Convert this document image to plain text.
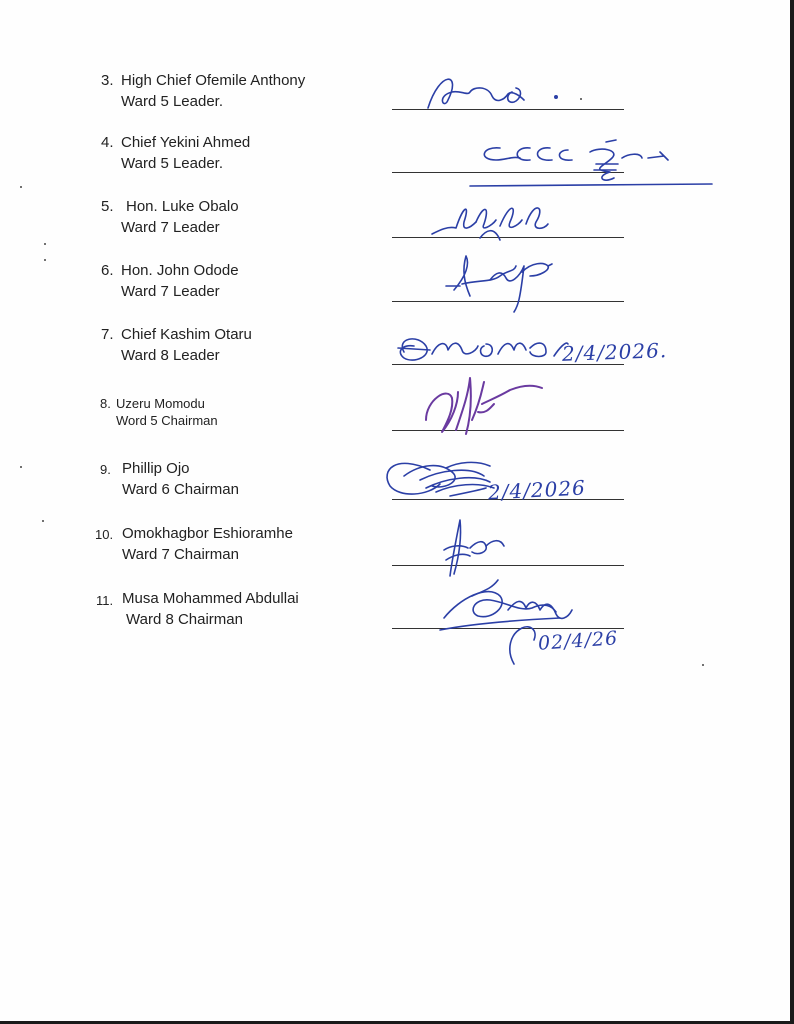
3. High Chief Ofemile Anthony
Ward 5 Leader.
4. Chief Yekini Ahmed
Ward 5 Leader.
5. Hon. Luke Obalo
Ward 7 Leader
6. Hon. John Odode
Ward 7 Leader
7. Chief Kashim Otaru
Ward 8 Leader
8. Uzeru Momodu
Word 5 Chairman
9. Phillip Ojo
Ward 6 Chairman
10. Omokhagbor Eshioramhe
Ward 7 Chairman
11. Musa Mohammed Abdullai
Ward 8 Chairman
2/4/2026.
2/4/2026
02/4/26
